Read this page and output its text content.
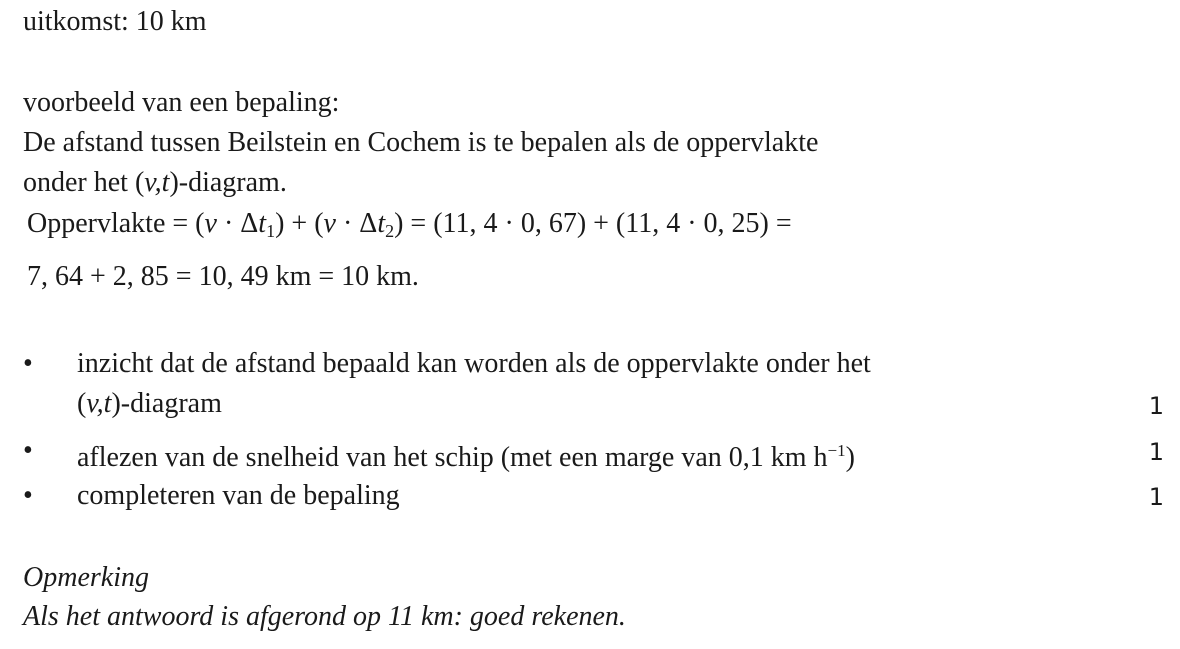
uitkomst: 10 km
voorbeeld van een bepaling:
De afstand tussen Beilstein en Cochem is te bepalen als de oppervlakte
onder het (v,t)-diagram.
Oppervlakte = $(v \cdot \Delta t_1) + (v \cdot \Delta t_2) = (11$, 4 · 0, 67) + (11, 4 · 0, 25) =
7, 64 + 2, 85 = 10, 49 km = 10 km.
• inzicht dat de afstand bepaald kan worden als de oppervlakte onder het
(v,t)-diagram	1
• aflezen van de snelheid van het schip (met een marge van 0,1 km $h^{-1}$)	1
• completeren van de bepaling	1
Opmerking
Als het antwoord is afgerond op 11 km: goed rekenen.
